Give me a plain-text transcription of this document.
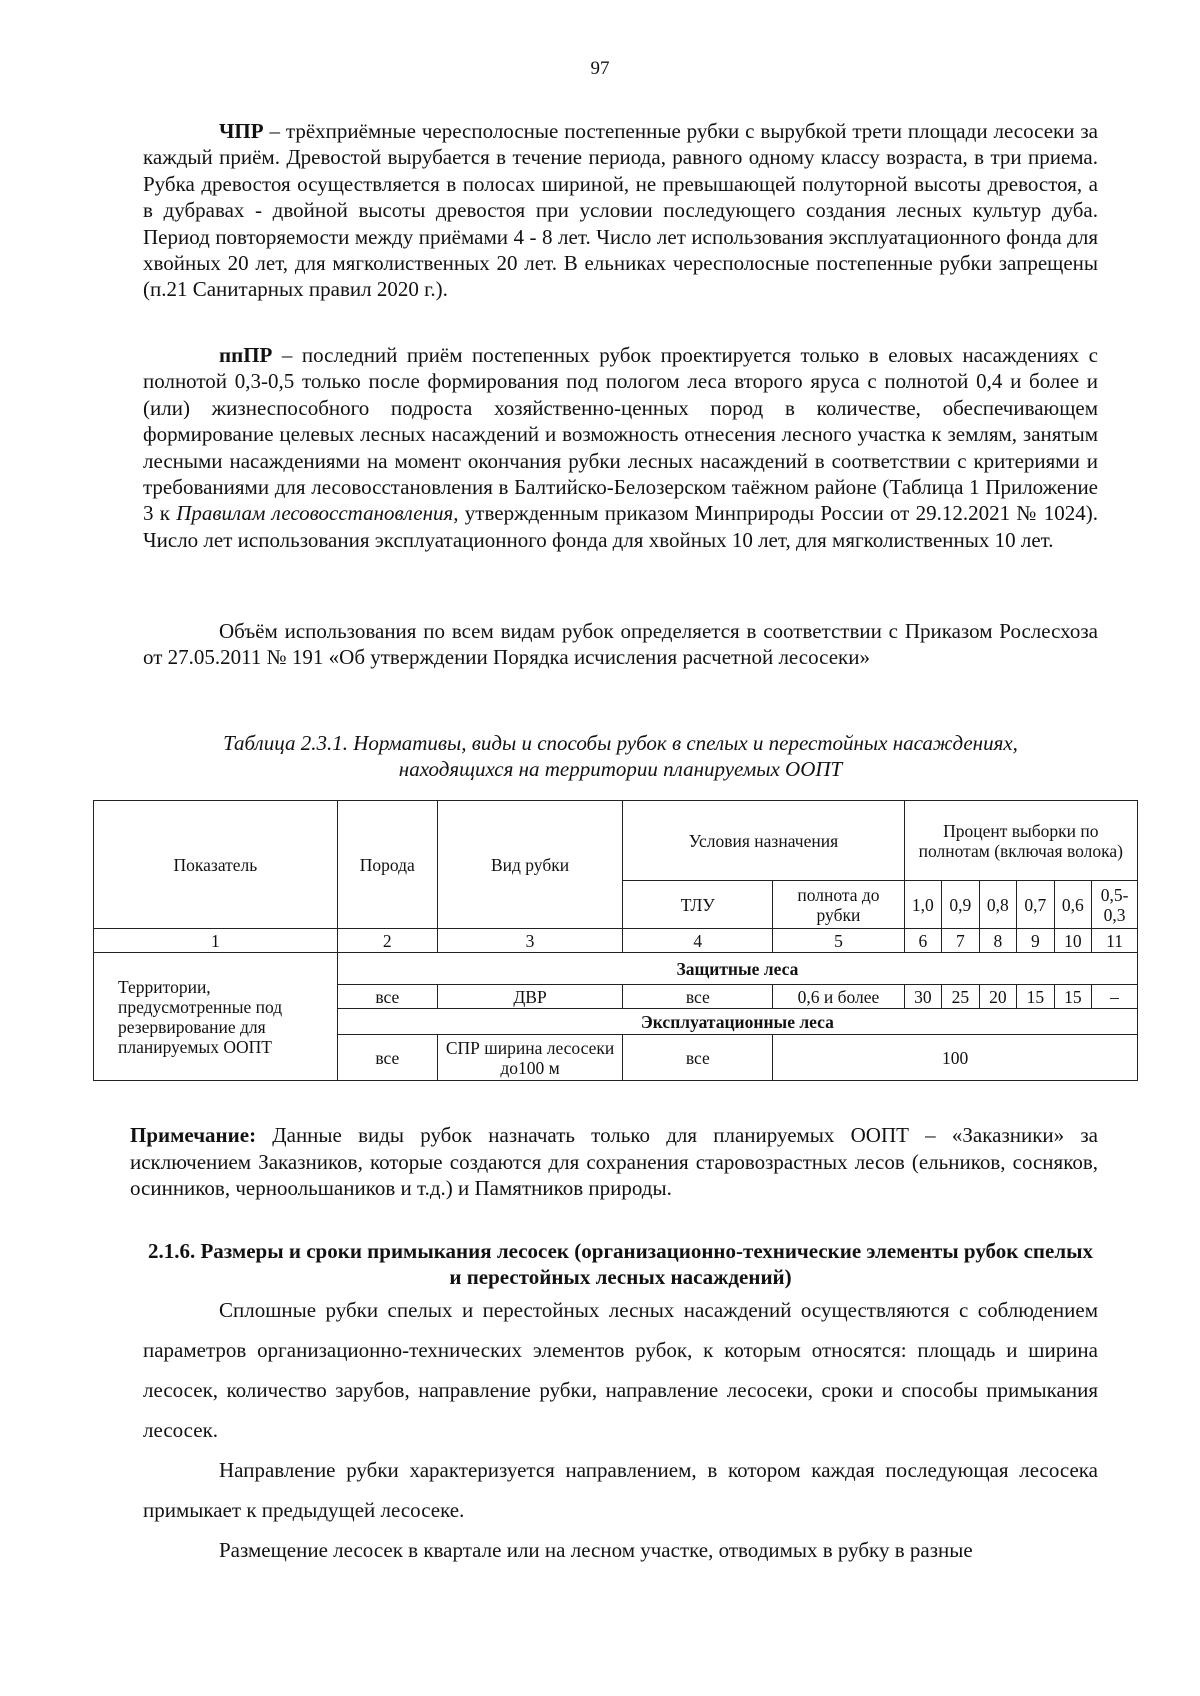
97

ЧПР – трёхприёмные чересполосные постепенные рубки с вырубкой трети площади лесосеки за каждый приём. Древостой вырубается в течение периода, равного одному классу возраста, в три приема. Рубка древостоя осуществляется в полосах шириной, не превышающей полуторной высоты древостоя, а в дубравах - двойной высоты древостоя при условии последующего создания лесных культур дуба. Период повторяемости между приёмами 4 - 8 лет. Число лет использования эксплуатационного фонда для хвойных 20 лет, для мягколиственных 20 лет. В ельниках чересполосные постепенные рубки запрещены (п.21 Санитарных правил 2020 г.).

ппПР – последний приём постепенных рубок проектируется только в еловых насаждениях с полнотой 0,3-0,5 только после формирования под пологом леса второго яруса с полнотой 0,4 и более и (или) жизнеспособного подроста хозяйственно-ценных пород в количестве, обеспечивающем формирование целевых лесных насаждений и возможность отнесения лесного участка к землям, занятым лесными насаждениями на момент окончания рубки лесных насаждений в соответствии с критериями и требованиями для лесовосстановления в Балтийско-Белозерском таёжном районе (Таблица 1 Приложение 3 к Правилам лесовосстановления, утвержденным приказом Минприроды России от 29.12.2021 № 1024). Число лет использования эксплуатационного фонда для хвойных 10 лет, для мягколиственных 10 лет.

Объём использования по всем видам рубок определяется в соответствии с Приказом Рослесхоза от 27.05.2011 № 191 «Об утверждении Порядка исчисления расчетной лесосеки»

Таблица 2.3.1. Нормативы, виды и способы рубок в спелых и перестойных насаждениях,
находящихся на территории планируемых ООПТ
Показатель	Порода	Вид рубки	Условия назначения		Процент выборки по полнотам (включая волока)					
			ТЛУ	полнота до рубки	1,0	0,9	0,8	0,7	0,6	0,5-0,3
1	2	3	4	5	6	7	8	9	10	11
Территории, предусмотренные под резервирование для планируемых ООПТ	Защитные леса									
	все	ДВР	все	0,6 и более	30	25	20	15	15	–
	Эксплуатационные леса									
	все	СПР ширина лесосеки до100 м	все	100						

Примечание: Данные виды рубок назначать только для планируемых ООПТ – «Заказники» за исключением Заказников, которые создаются для сохранения старовозрастных лесов (ельников, сосняков, осинников, черноольшаников и т.д.) и Памятников природы.

2.1.6. Размеры и сроки примыкания лесосек (организационно-технические элементы рубок спелых и перестойных лесных насаждений)

Сплошные рубки спелых и перестойных лесных насаждений осуществляются с соблюдением параметров организационно-технических элементов рубок, к которым относятся: площадь и ширина лесосек, количество зарубов, направление рубки, направление лесосеки, сроки и способы примыкания лесосек.

Направление рубки характеризуется направлением, в котором каждая последующая лесосека примыкает к предыдущей лесосеке.

Размещение лесосек в квартале или на лесном участке, отводимых в рубку в разные
